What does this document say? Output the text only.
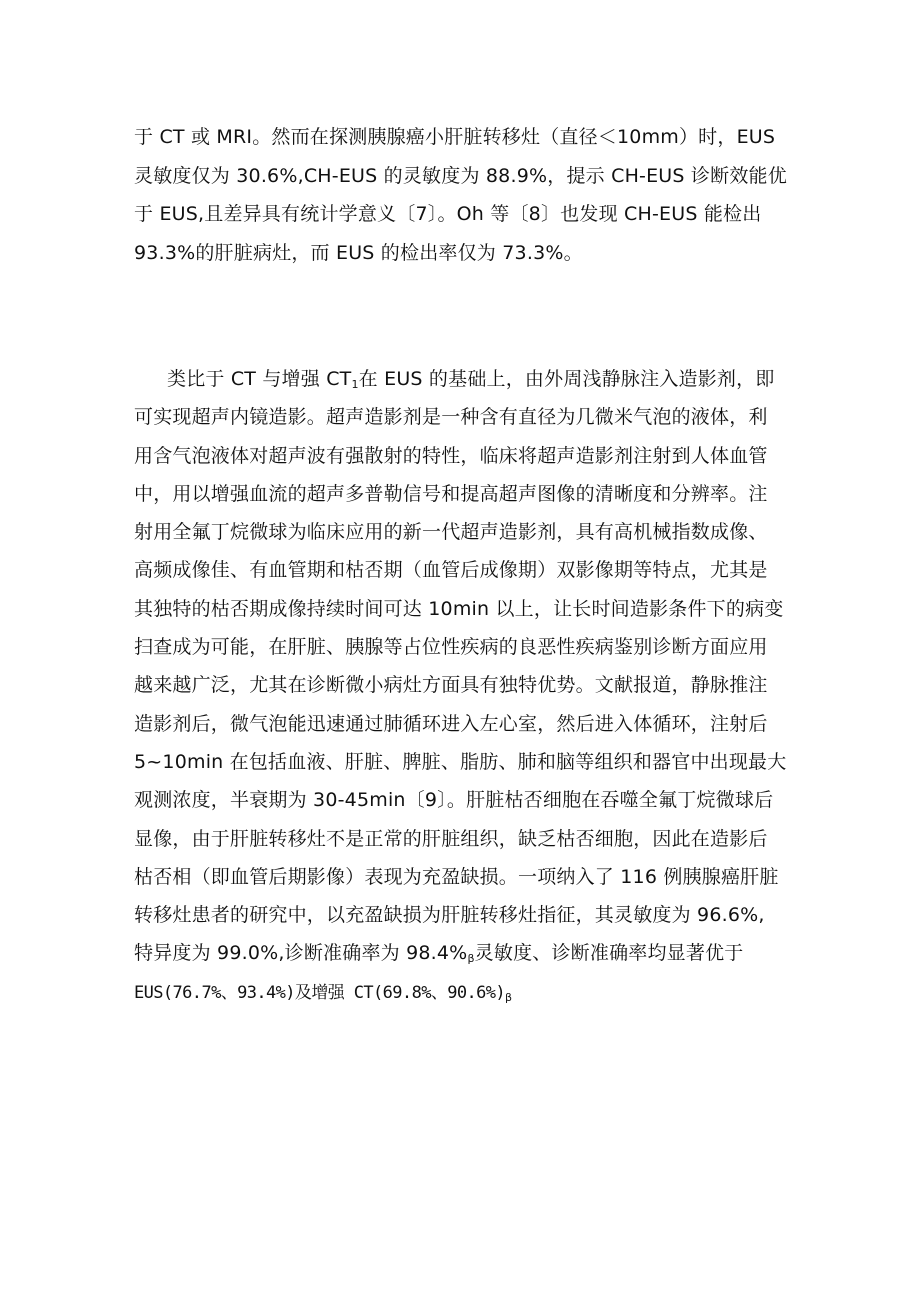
于 CT 或 MRI。然而在探测胰腺癌小肝脏转移灶（直径＜10mm）时，EUS
灵敏度仅为 30.6%,CH-EUS 的灵敏度为 88.9%，提示 CH-EUS 诊断效能优
于 EUS,且差异具有统计学意义〔7〕。Oh 等〔8〕也发现 CH-EUS 能检出
93.3%的肝脏病灶，而 EUS 的检出率仅为 73.3%。
类比于 CT 与增强 $CT_1$在 EUS 的基础上，由外周浅静脉注入造影剂，即
可实现超声内镜造影。超声造影剂是一种含有直径为几微米气泡的液体，利
用含气泡液体对超声波有强散射的特性，临床将超声造影剂注射到人体血管
中，用以增强血流的超声多普勒信号和提高超声图像的清晰度和分辨率。注
射用全氟丁烷微球为临床应用的新一代超声造影剂，具有高机械指数成像、
高频成像佳、有血管期和枯否期（血管后成像期）双影像期等特点，尤其是
其独特的枯否期成像持续时间可达 10min 以上，让长时间造影条件下的病变
扫查成为可能，在肝脏、胰腺等占位性疾病的良恶性疾病鉴别诊断方面应用
越来越广泛，尤其在诊断微小病灶方面具有独特优势。文献报道，静脉推注
造影剂后，微气泡能迅速通过肺循环进入左心室，然后进入体循环，注射后
5~10min 在包括血液、肝脏、脾脏、脂肪、肺和脑等组织和器官中出现最大
观测浓度，半衰期为 30-45min〔9〕。肝脏枯否细胞在吞噬全氟丁烷微球后
显像，由于肝脏转移灶不是正常的肝脏组织，缺乏枯否细胞，因此在造影后
枯否相（即血管后期影像）表现为充盈缺损。一项纳入了 116 例胰腺癌肝脏
转移灶患者的研究中，以充盈缺损为肝脏转移灶指征，其灵敏度为 96.6%,
特异度为 99.0%,诊断准确率为 $98.4\%_\beta$灵敏度、诊断准确率均显著优于
EUS(76.7%、93.4%)及增强 CT(69.8%、$90.6\%)_\beta$
